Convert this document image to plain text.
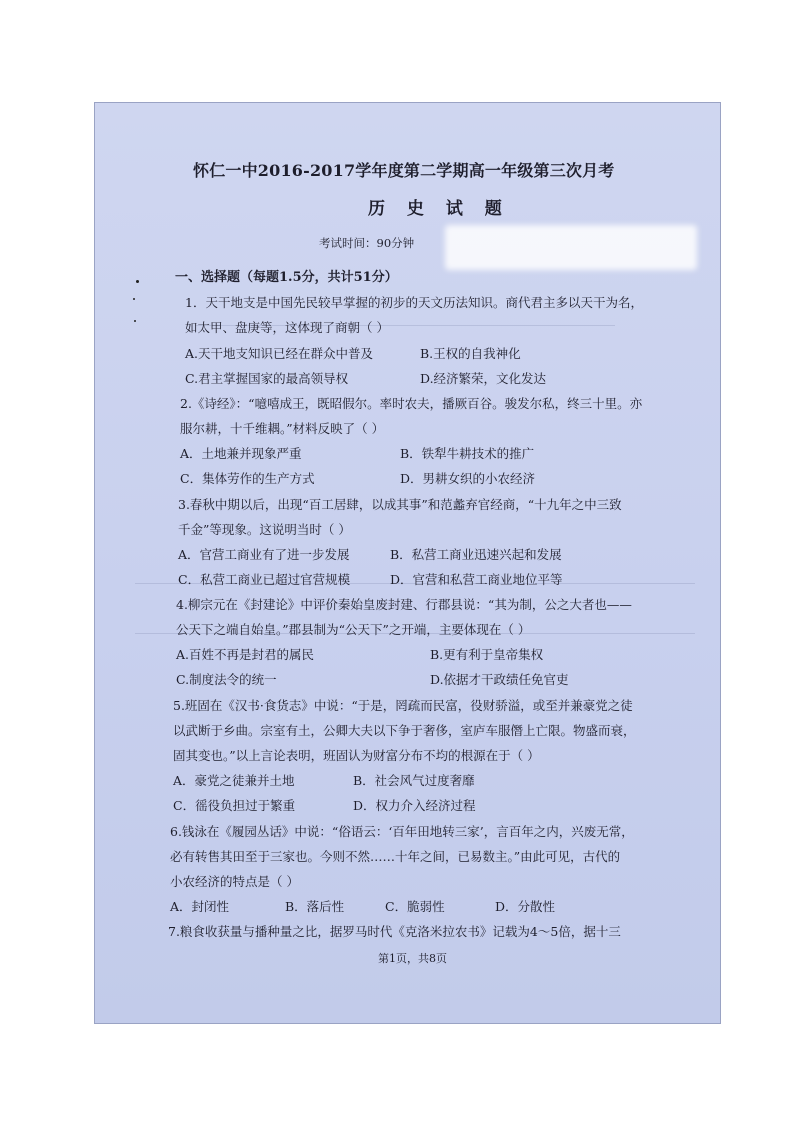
怀仁一中2016-2017学年度第二学期高一年级第三次月考
历 史 试 题
考试时间：90分钟
一、选择题（每题1.5分，共计51分）
1．天干地支是中国先民较早掌握的初步的天文历法知识。商代君主多以天干为名，
如太甲、盘庚等，这体现了商朝（ ）
A.天干地支知识已经在群众中普及	B.王权的自我神化
C.君主掌握国家的最高领导权	D.经济繁荣，文化发达
2.《诗经》：“噫嘻成王，既昭假尔。率时农夫，播厥百谷。骏发尔私，终三十里。亦
服尔耕，十千维耦。”材料反映了（ ）
A．土地兼并现象严重	B．铁犁牛耕技术的推广
C．集体劳作的生产方式	D．男耕女织的小农经济
3.春秋中期以后，出现“百工居肆，以成其事”和范蠡弃官经商，“十九年之中三致
千金”等现象。这说明当时（ ）
A．官营工商业有了进一步发展	B．私营工商业迅速兴起和发展
C．私营工商业已超过官营规模	D．官营和私营工商业地位平等
4.柳宗元在《封建论》中评价秦始皇废封建、行郡县说：“其为制，公之大者也——
公天下之端自始皇。”郡县制为“公天下”之开端，主要体现在（ ）
A.百姓不再是封君的属民	B.更有利于皇帝集权
C.制度法令的统一	D.依据才干政绩任免官吏
5.班固在《汉书·食货志》中说：“于是，罔疏而民富，役财骄溢，或至并兼豪党之徒
以武断于乡曲。宗室有土，公卿大夫以下争于奢侈，室庐车服僭上亡限。物盛而衰，
固其变也。”以上言论表明，班固认为财富分布不均的根源在于（ ）
A．豪党之徒兼并土地	B．社会风气过度奢靡
C．徭役负担过于繁重	D．权力介入经济过程
6.钱泳在《履园丛话》中说：“俗语云：‘百年田地转三家’，言百年之内，兴废无常，
必有转售其田至于三家也。今则不然……十年之间，已易数主。”由此可见，古代的
小农经济的特点是（ ）
A．封闭性	B．落后性	C．脆弱性	D．分散性
7.粮食收获量与播种量之比，据罗马时代《克洛米拉农书》记载为4～5倍，据十三
第1页，共8页
